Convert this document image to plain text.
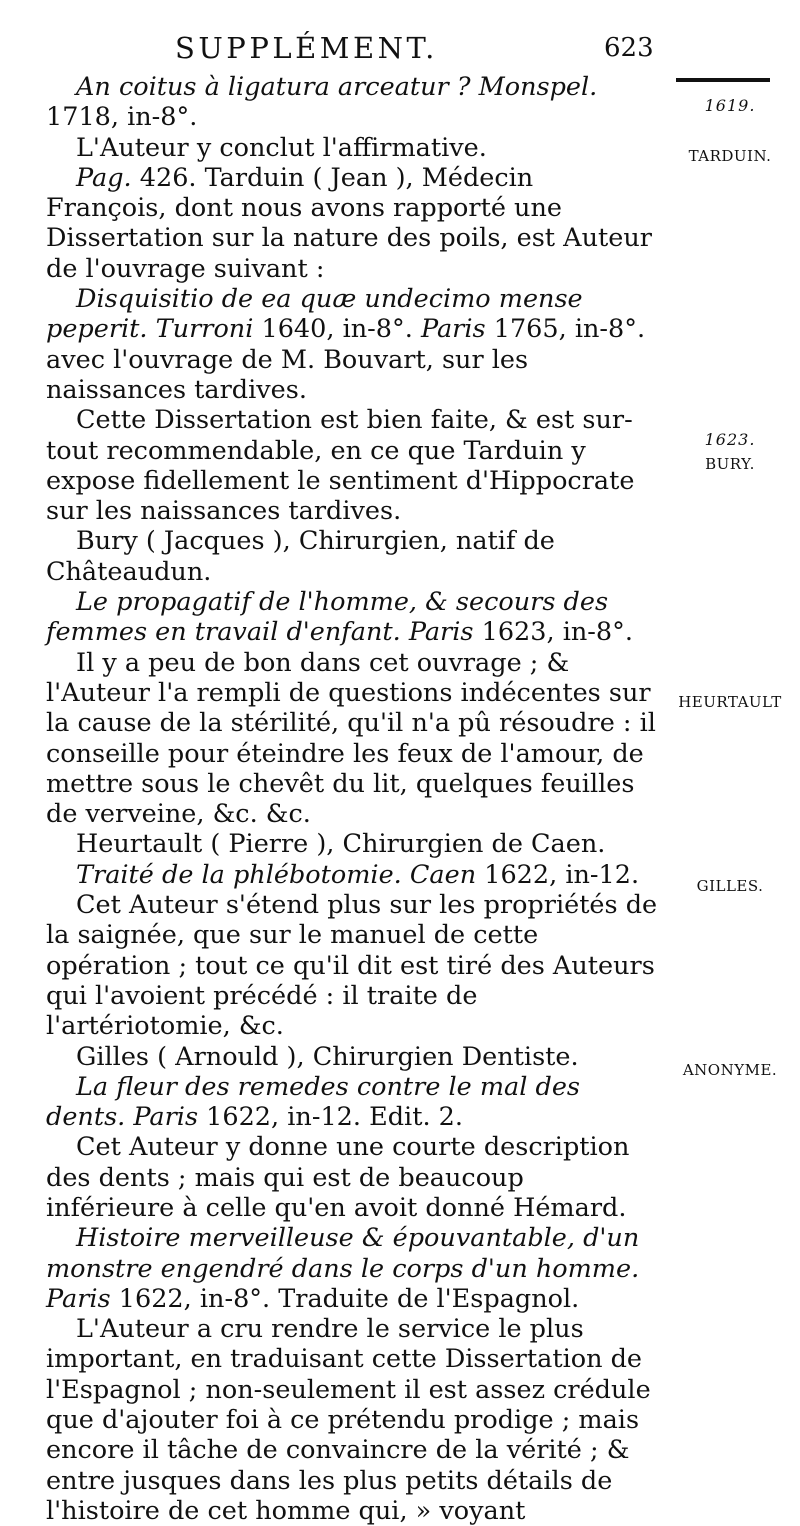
SUPPLÉMENT.	623
1619.
TARDUIN.
1623.
BURY.
HEURTAULT
GILLES.
ANONYME.

An coitus à ligatura arceatur ? Monspel. 1718, in-8°.

L'Auteur y conclut l'affirmative.

Pag. 426. Tarduin ( Jean ), Médecin François, dont nous avons rapporté une Dissertation sur la nature des poils, est Auteur de l'ouvrage suivant :

Disquisitio de ea quæ undecimo mense peperit. Turroni 1640, in-8°. Paris 1765, in-8°. avec l'ouvrage de M. Bouvart, sur les naissances tardives.

Cette Dissertation est bien faite, & est sur-tout recommendable, en ce que Tarduin y expose fidellement le sentiment d'Hippocrate sur les naissances tardives.

Bury ( Jacques ), Chirurgien, natif de Châteaudun.

Le propagatif de l'homme, & secours des femmes en travail d'enfant. Paris 1623, in-8°.

Il y a peu de bon dans cet ouvrage ; & l'Auteur l'a rempli de questions indécentes sur la cause de la stérilité, qu'il n'a pû résoudre : il conseille pour éteindre les feux de l'amour, de mettre sous le chevêt du lit, quelques feuilles de verveine, &c. &c.

Heurtault ( Pierre ), Chirurgien de Caen.

Traité de la phlébotomie. Caen 1622, in-12.

Cet Auteur s'étend plus sur les propriétés de la saignée, que sur le manuel de cette opération ; tout ce qu'il dit est tiré des Auteurs qui l'avoient précédé : il traite de l'artériotomie, &c.

Gilles ( Arnould ), Chirurgien Dentiste.

La fleur des remedes contre le mal des dents. Paris 1622, in-12. Edit. 2.

Cet Auteur y donne une courte description des dents ; mais qui est de beaucoup inférieure à celle qu'en avoit donné Hémard.

Histoire merveilleuse & épouvantable, d'un monstre engendré dans le corps d'un homme. Paris 1622, in-8°. Traduite de l'Espagnol.

L'Auteur a cru rendre le service le plus important, en traduisant cette Dissertation de l'Espagnol ; non-seulement il est assez crédule que d'ajouter foi à ce prétendu prodige ; mais encore il tâche de convaincre de la vérité ; & entre jusques dans les plus petits détails de l'histoire de cet homme qui, » voyant
